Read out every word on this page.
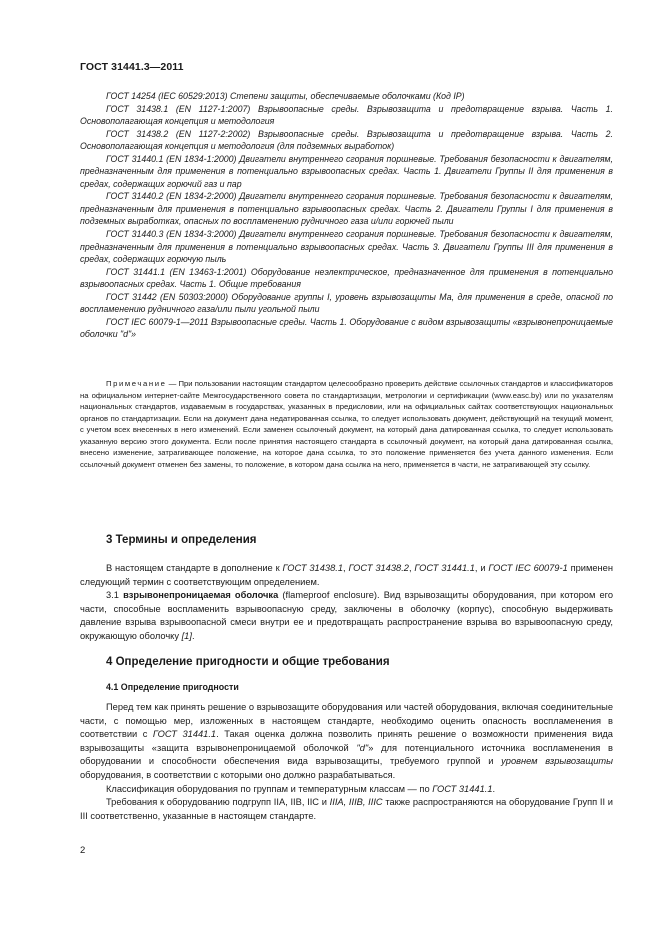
ГОСТ 31441.3—2011

ГОСТ 14254 (IEC 60529:2013) Степени защиты, обеспечиваемые оболочками (Код IP)

ГОСТ 31438.1 (EN 1127-1:2007) Взрывоопасные среды. Взрывозащита и предотвращение взрыва. Часть 1. Основополагающая концепция и методология

ГОСТ 31438.2 (EN 1127-2:2002) Взрывоопасные среды. Взрывозащита и предотвращение взрыва. Часть 2. Основополагающая концепция и методология (для подземных выработок)

ГОСТ 31440.1 (EN 1834-1:2000) Двигатели внутреннего сгорания поршневые. Требования безопасности к двигателям, предназначенным для применения в потенциально взрывоопасных средах. Часть 1. Двигатели Группы II для применения в средах, содержащих горючий газ и пар

ГОСТ 31440.2 (EN 1834-2:2000) Двигатели внутреннего сгорания поршневые. Требования безопасности к двигателям, предназначенным для применения в потенциально взрывоопасных средах. Часть 2. Двигатели Группы I для применения в подземных выработках, опасных по воспламенению рудничного газа и/или горючей пыли

ГОСТ 31440.3 (EN 1834-3:2000) Двигатели внутреннего сгорания поршневые. Требования безопасности к двигателям, предназначенным для применения в потенциально взрывоопасных средах. Часть 3. Двигатели Группы III для применения в средах, содержащих горючую пыль

ГОСТ 31441.1 (EN 13463-1:2001) Оборудование неэлектрическое, предназначенное для применения в потенциально взрывоопасных средах. Часть 1. Общие требования

ГОСТ 31442 (EN 50303:2000) Оборудование группы I, уровень взрывозащиты Ма, для применения в среде, опасной по воспламенению рудничного газа/или пыли угольной пыли

ГОСТ IEC 60079-1—2011 Взрывоопасные среды. Часть 1. Оборудование с видом взрывозащиты «взрывонепроницаемые оболочки "d"»

Примечание — При пользовании настоящим стандартом целесообразно проверить действие ссылочных стандартов и классификаторов на официальном интернет-сайте Межгосударственного совета по стандартизации, метрологии и сертификации (www.easc.by) или по указателям национальных стандартов, издаваемым в государствах, указанных в предисловии, или на официальных сайтах соответствующих национальных органов по стандартизации. Если на документ дана недатированная ссылка, то следует использовать документ, действующий на текущий момент, с учетом всех внесенных в него изменений. Если заменен ссылочный документ, на который дана датированная ссылка, то следует использовать указанную версию этого документа. Если после принятия настоящего стандарта в ссылочный документ, на который дана датированная ссылка, внесено изменение, затрагивающее положение, на которое дана ссылка, то это положение применяется без учета данного изменения. Если ссылочный документ отменен без замены, то положение, в котором дана ссылка на него, применяется в части, не затрагивающей эту ссылку.

3 Термины и определения

В настоящем стандарте в дополнение к ГОСТ 31438.1, ГОСТ 31438.2, ГОСТ 31441.1, и ГОСТ IEC 60079-1 применен следующий термин с соответствующим определением.

3.1 взрывонепроницаемая оболочка (flameproof enclosure). Вид взрывозащиты оборудования, при котором его части, способные воспламенить взрывоопасную среду, заключены в оболочку (корпус), способную выдерживать давление взрыва взрывоопасной смеси внутри ее и предотвращать распространение взрыва во взрывоопасную среду, окружающую оболочку [1].

4 Определение пригодности и общие требования
4.1 Определение пригодности

Перед тем как принять решение о взрывозащите оборудования или частей оборудования, включая соединительные части, с помощью мер, изложенных в настоящем стандарте, необходимо оценить опасность воспламенения в соответствии с ГОСТ 31441.1. Такая оценка должна позволить принять решение о возможности применения вида взрывозащиты «защита взрывонепроницаемой оболочкой "d"» для потенциального источника воспламенения в оборудовании и способности обеспечения вида взрывозащиты, требуемого группой и уровнем взрывозащиты оборудования, в соответствии с которыми оно должно разрабатываться.

Классификация оборудования по группам и температурным классам — по ГОСТ 31441.1.

Требования к оборудованию подгрупп IIA, IIB, IIC и IIIA, IIIB, IIIC также распространяются на оборудование Групп II и III соответственно, указанные в настоящем стандарте.

2
